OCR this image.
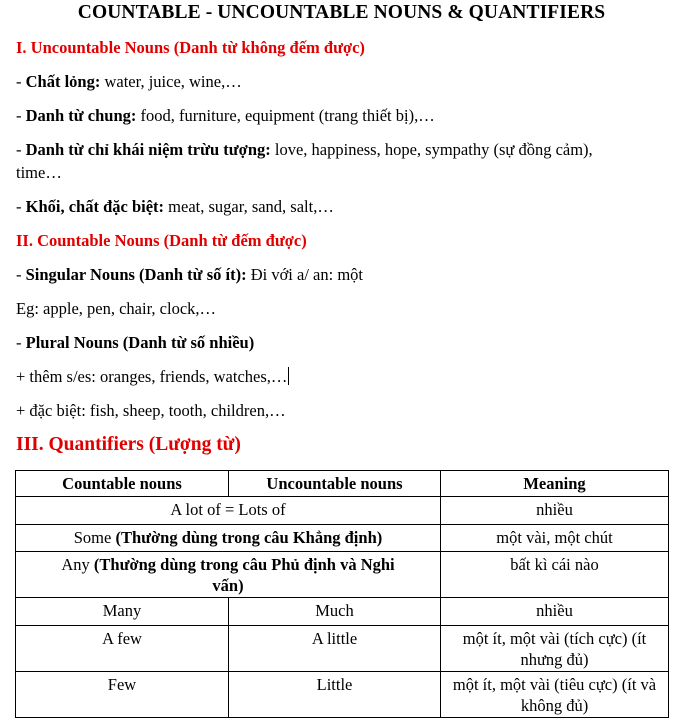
COUNTABLE - UNCOUNTABLE NOUNS & QUANTIFIERS
I. Uncountable Nouns (Danh từ không đếm được)
- Chất lỏng: water, juice, wine,…
- Danh từ chung: food, furniture, equipment (trang thiết bị),…
- Danh từ chỉ khái niệm trừu tượng: love, happiness, hope, sympathy (sự đồng cảm),
time…
- Khối, chất đặc biệt: meat, sugar, sand, salt,…
II. Countable Nouns (Danh từ đếm được)
- Singular Nouns (Danh từ số ít): Đi với a/ an: một
Eg: apple, pen, chair, clock,…
- Plural Nouns (Danh từ số nhiều)
+ thêm s/es: oranges, friends, watches,…
+ đặc biệt: fish, sheep, tooth, children,…
III. Quantifiers (Lượng từ)
Countable nouns	Uncountable nouns	Meaning
A lot of = Lots of		nhiều
Some (Thường dùng trong câu Khẳng định)		một vài, một chút
Any (Thường dùng trong câu Phủ định và Nghi vấn)		bất kì cái nào
Many	Much	nhiều
A few	A little	một ít, một vài (tích cực) (ít nhưng đủ)
Few	Little	một ít, một vài (tiêu cực) (ít và không đủ)
